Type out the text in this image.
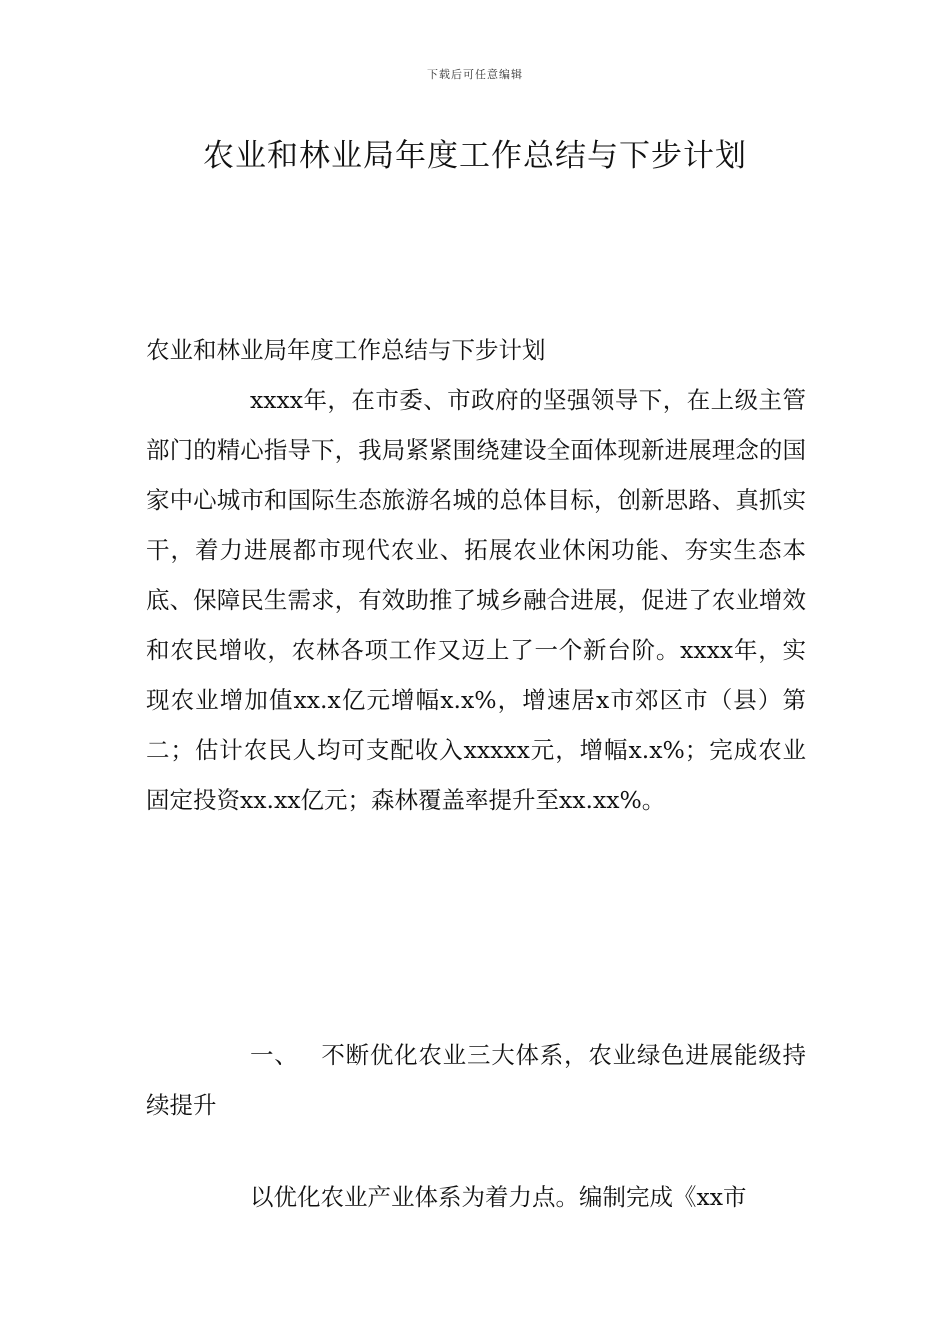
下载后可任意编辑
农业和林业局年度工作总结与下步计划
农业和林业局年度工作总结与下步计划

xxxx年，在市委、市政府的坚强领导下，在上级主管部门的精心指导下，我局紧紧围绕建设全面体现新进展理念的国家中心城市和国际生态旅游名城的总体目标，创新思路、真抓实干，着力进展都市现代农业、拓展农业休闲功能、夯实生态本底、保障民生需求，有效助推了城乡融合进展，促进了农业增效和农民增收，农林各项工作又迈上了一个新台阶。xxxx年，实现农业增加值xx.x亿元增幅x.x%，增速居x市郊区市（县）第二；估计农民人均可支配收入xxxxx元，增幅x.x%；完成农业固定投资xx.xx亿元；森林覆盖率提升至xx.xx%。

一、 不断优化农业三大体系，农业绿色进展能级持续提升

以优化农业产业体系为着力点。编制完成《xx市
